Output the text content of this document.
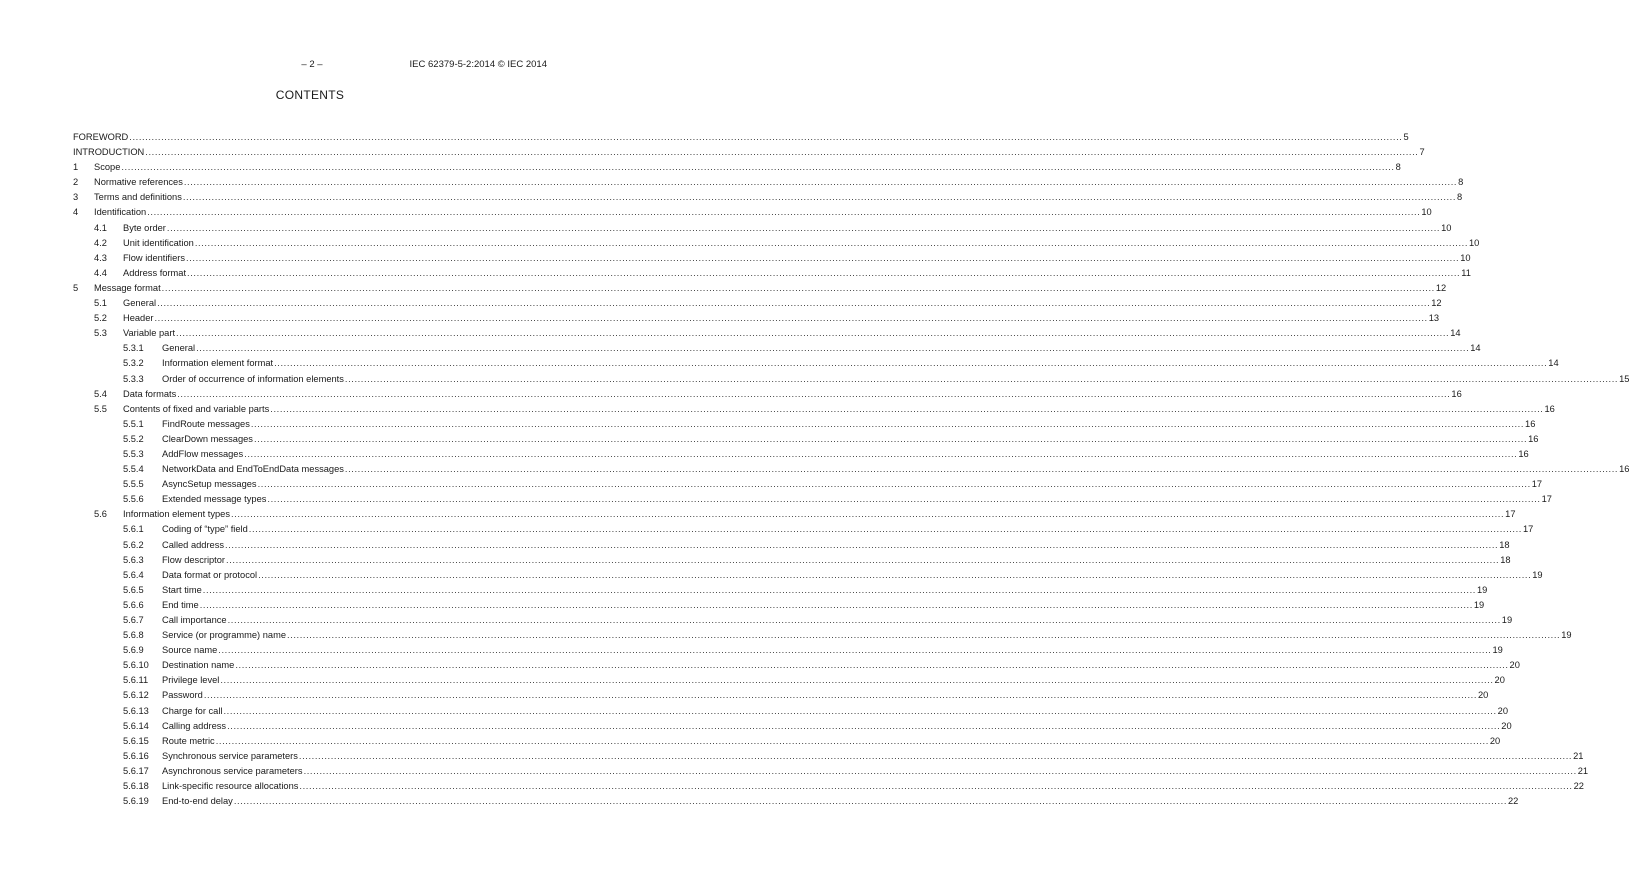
– 2 –	IEC 62379-5-2:2014 © IEC 2014
CONTENTS
FOREWORD ................................................................................................................................................................................................................................................................................................................................................................................................................ 5
INTRODUCTION ................................................................................................................................................................................................................................................................................................................................................................................................................ 7
1 Scope ................................................................................................................................................................................................................................................................................................................................................................................................................ 8
2 Normative references ................................................................................................................................................................................................................................................................................................................................................................................................................ 8
3 Terms and definitions ................................................................................................................................................................................................................................................................................................................................................................................................................ 8
4 Identification ................................................................................................................................................................................................................................................................................................................................................................................................................ 10
4.1 Byte order ................................................................................................................................................................................................................................................................................................................................................................................................................ 10
4.2 Unit identification ................................................................................................................................................................................................................................................................................................................................................................................................................ 10
4.3 Flow identifiers ................................................................................................................................................................................................................................................................................................................................................................................................................ 10
4.4 Address format ................................................................................................................................................................................................................................................................................................................................................................................................................ 11
5 Message format ................................................................................................................................................................................................................................................................................................................................................................................................................ 12
5.1 General ................................................................................................................................................................................................................................................................................................................................................................................................................ 12
5.2 Header ................................................................................................................................................................................................................................................................................................................................................................................................................ 13
5.3 Variable part ................................................................................................................................................................................................................................................................................................................................................................................................................ 14
5.3.1 General ................................................................................................................................................................................................................................................................................................................................................................................................................ 14
5.3.2 Information element format ................................................................................................................................................................................................................................................................................................................................................................................................................ 14
5.3.3 Order of occurrence of information elements ................................................................................................................................................................................................................................................................................................................................................................................................................ 15
5.4 Data formats ................................................................................................................................................................................................................................................................................................................................................................................................................ 16
5.5 Contents of fixed and variable parts ................................................................................................................................................................................................................................................................................................................................................................................................................ 16
5.5.1 FindRoute messages ................................................................................................................................................................................................................................................................................................................................................................................................................ 16
5.5.2 ClearDown messages ................................................................................................................................................................................................................................................................................................................................................................................................................ 16
5.5.3 AddFlow messages ................................................................................................................................................................................................................................................................................................................................................................................................................ 16
5.5.4 NetworkData and EndToEndData messages ................................................................................................................................................................................................................................................................................................................................................................................................................ 16
5.5.5 AsyncSetup messages ................................................................................................................................................................................................................................................................................................................................................................................................................ 17
5.5.6 Extended message types ................................................................................................................................................................................................................................................................................................................................................................................................................ 17
5.6 Information element types ................................................................................................................................................................................................................................................................................................................................................................................................................ 17
5.6.1 Coding of “type” field ................................................................................................................................................................................................................................................................................................................................................................................................................ 17
5.6.2 Called address ................................................................................................................................................................................................................................................................................................................................................................................................................ 18
5.6.3 Flow descriptor ................................................................................................................................................................................................................................................................................................................................................................................................................ 18
5.6.4 Data format or protocol ................................................................................................................................................................................................................................................................................................................................................................................................................ 19
5.6.5 Start time ................................................................................................................................................................................................................................................................................................................................................................................................................ 19
5.6.6 End time ................................................................................................................................................................................................................................................................................................................................................................................................................ 19
5.6.7 Call importance ................................................................................................................................................................................................................................................................................................................................................................................................................ 19
5.6.8 Service (or programme) name ................................................................................................................................................................................................................................................................................................................................................................................................................ 19
5.6.9 Source name ................................................................................................................................................................................................................................................................................................................................................................................................................ 19
5.6.10 Destination name ................................................................................................................................................................................................................................................................................................................................................................................................................ 20
5.6.11 Privilege level ................................................................................................................................................................................................................................................................................................................................................................................................................ 20
5.6.12 Password ................................................................................................................................................................................................................................................................................................................................................................................................................ 20
5.6.13 Charge for call ................................................................................................................................................................................................................................................................................................................................................................................................................ 20
5.6.14 Calling address ................................................................................................................................................................................................................................................................................................................................................................................................................ 20
5.6.15 Route metric ................................................................................................................................................................................................................................................................................................................................................................................................................ 20
5.6.16 Synchronous service parameters ................................................................................................................................................................................................................................................................................................................................................................................................................ 21
5.6.17 Asynchronous service parameters ................................................................................................................................................................................................................................................................................................................................................................................................................ 21
5.6.18 Link-specific resource allocations ................................................................................................................................................................................................................................................................................................................................................................................................................ 22
5.6.19 End-to-end delay ................................................................................................................................................................................................................................................................................................................................................................................................................ 22
